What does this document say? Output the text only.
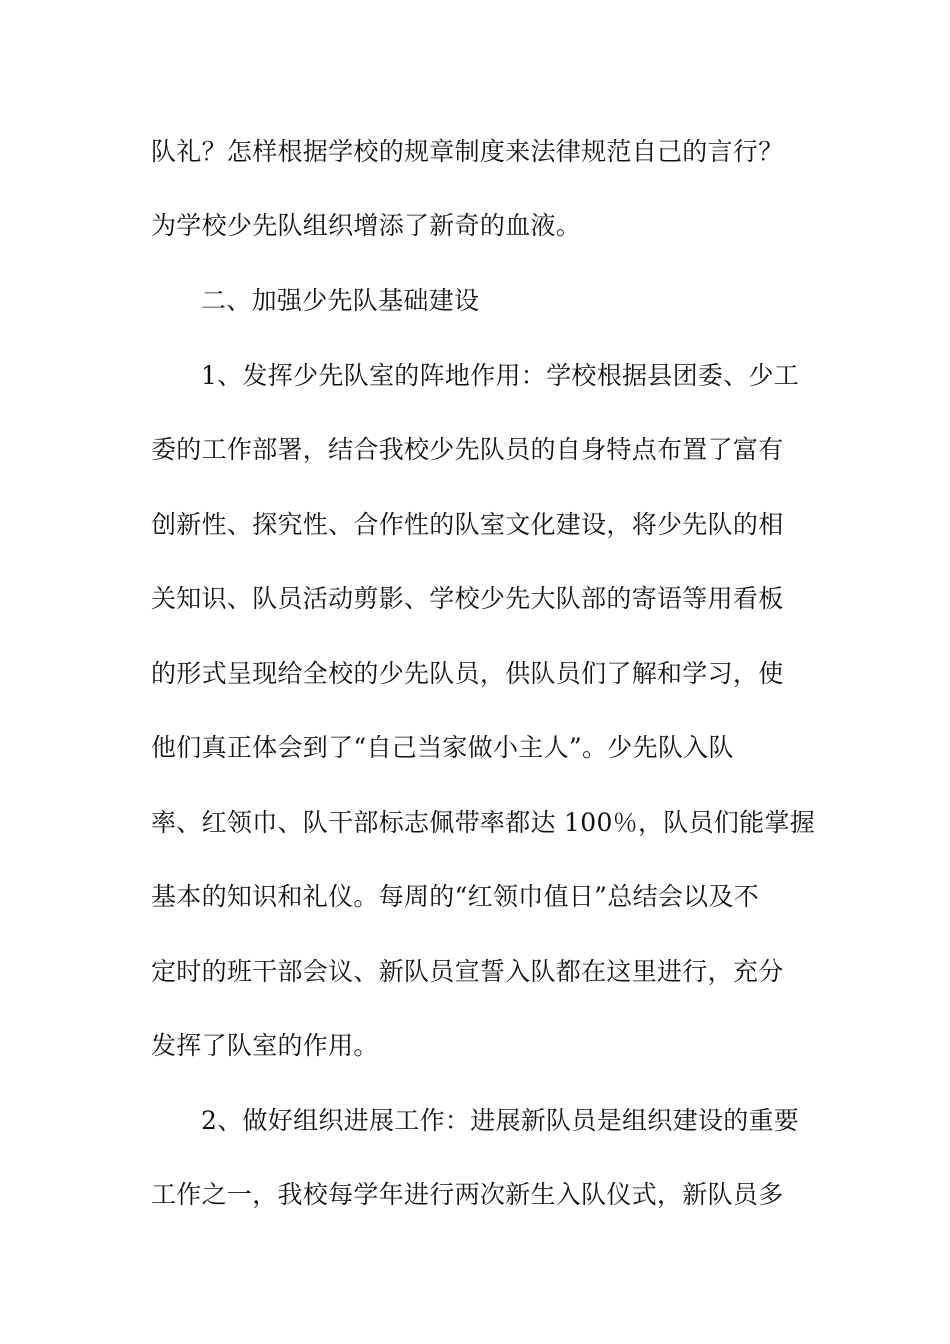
队礼？怎样根据学校的规章制度来法律规范自己的言行？
为学校少先队组织增添了新奇的血液。
二、加强少先队基础建设
1、发挥少先队室的阵地作用：学校根据县团委、少工
委的工作部署，结合我校少先队员的自身特点布置了富有
创新性、探究性、合作性的队室文化建设，将少先队的相
关知识、队员活动剪影、学校少先大队部的寄语等用看板
的形式呈现给全校的少先队员，供队员们了解和学习，使
他们真正体会到了“自己当家做小主人”。少先队入队
率、红领巾、队干部标志佩带率都达 100％，队员们能掌握
基本的知识和礼仪。每周的“红领巾值日”总结会以及不
定时的班干部会议、新队员宣誓入队都在这里进行，充分
发挥了队室的作用。
2、做好组织进展工作：进展新队员是组织建设的重要
工作之一，我校每学年进行两次新生入队仪式，新队员多
